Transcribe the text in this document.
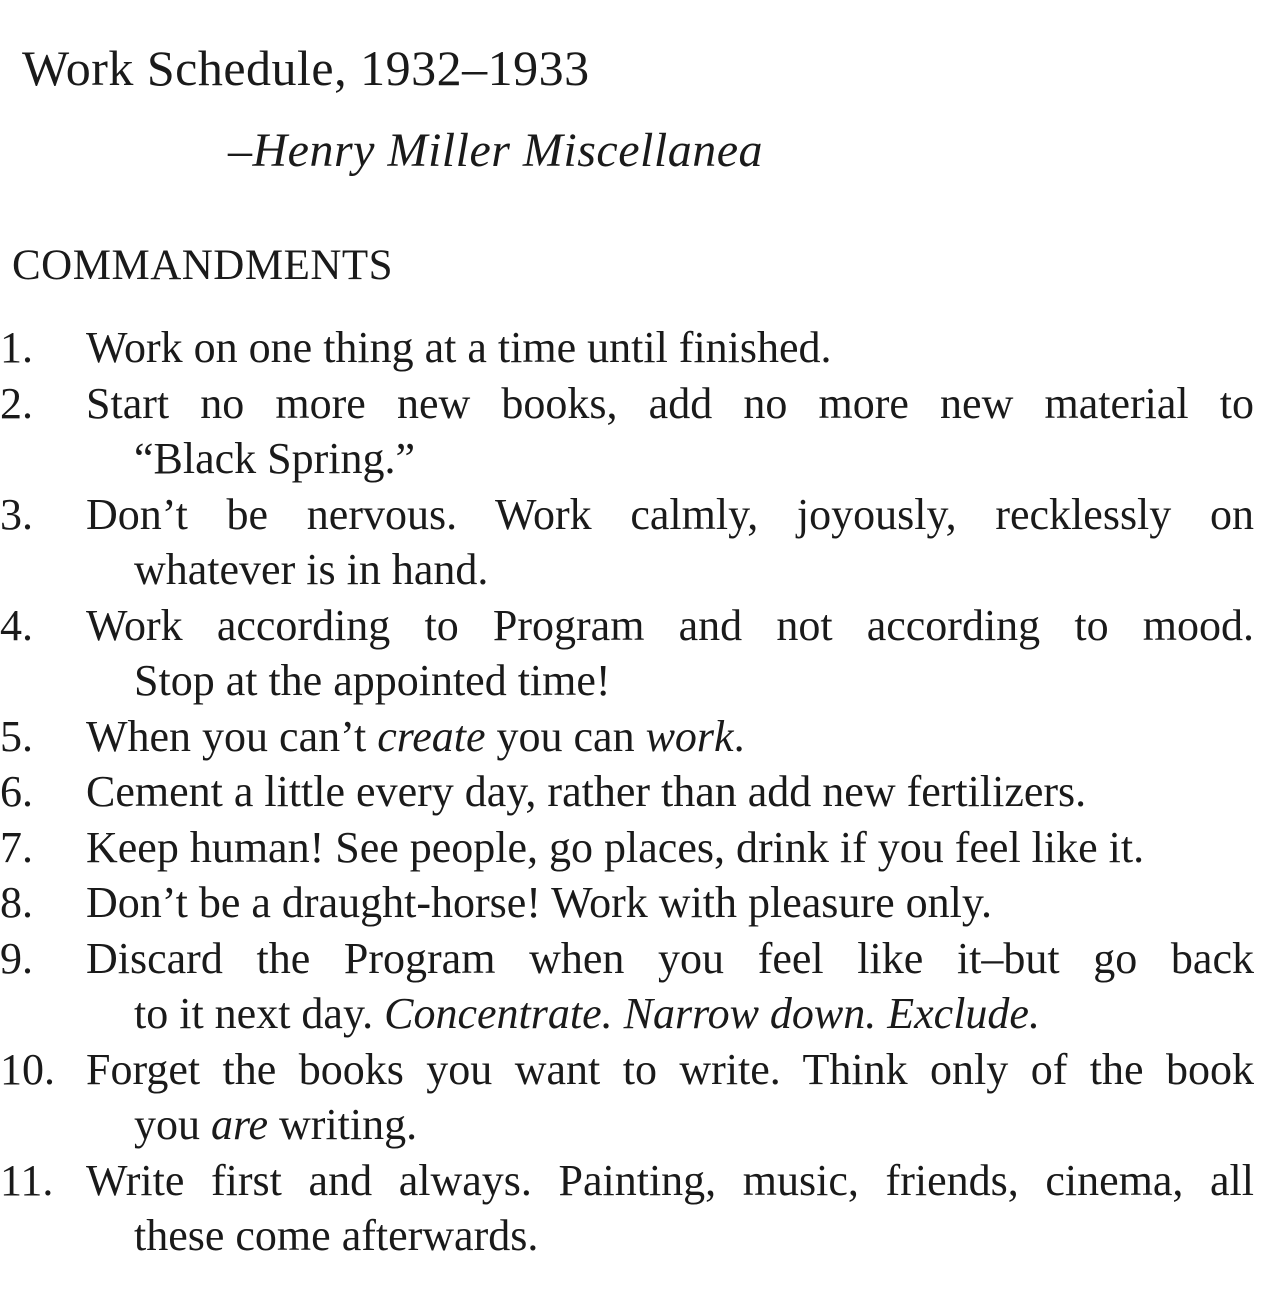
Work Schedule, 1932–1933
–Henry Miller Miscellanea
COMMANDMENTS
1.	Work on one thing at a time until finished.
2.	Start no more new books, add no more new material to
“Black Spring.”
3.	Don’t be nervous. Work calmly, joyously, recklessly on
whatever is in hand.
4.	Work according to Program and not according to mood.
Stop at the appointed time!
5.	When you can’t create you can work.
6.	Cement a little every day, rather than add new fertilizers.
7.	Keep human! See people, go places, drink if you feel like it.
8.	Don’t be a draught-horse! Work with pleasure only.
9.	Discard the Program when you feel like it–but go back
to it next day. Concentrate. Narrow down. Exclude.
10. Forget the books you want to write. Think only of the book
you are writing.
11. Write first and always. Painting, music, friends, cinema, all
these come afterwards.
